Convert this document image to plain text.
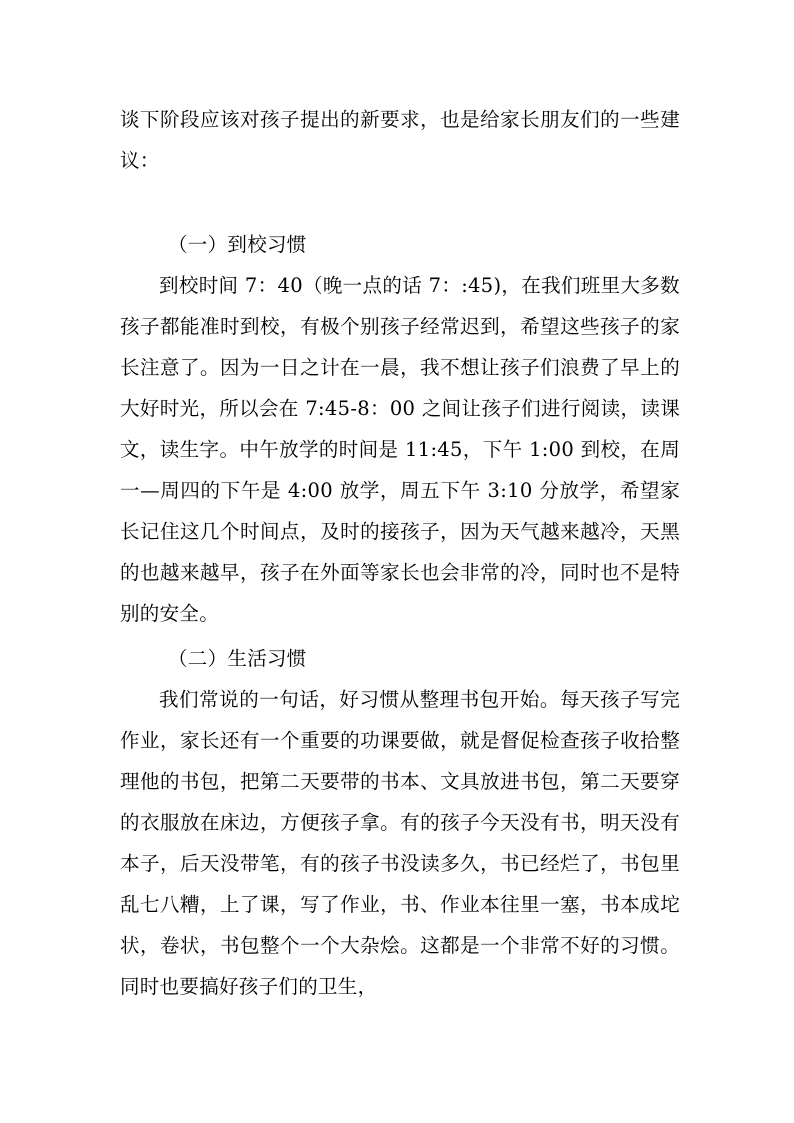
谈下阶段应该对孩子提出的新要求，也是给家长朋友们的一些建议：

（一）到校习惯

到校时间 7：40（晚一点的话 7：:45)，在我们班里大多数孩子都能准时到校，有极个别孩子经常迟到，希望这些孩子的家长注意了。因为一日之计在一晨，我不想让孩子们浪费了早上的大好时光，所以会在 7:45-8：00 之间让孩子们进行阅读，读课文，读生字。中午放学的时间是 11:45，下午 1:00 到校，在周一—周四的下午是 4:00 放学，周五下午 3:10 分放学，希望家长记住这几个时间点，及时的接孩子，因为天气越来越冷，天黑的也越来越早，孩子在外面等家长也会非常的冷，同时也不是特别的安全。

（二）生活习惯

我们常说的一句话，好习惯从整理书包开始。每天孩子写完作业，家长还有一个重要的功课要做，就是督促检查孩子收拾整理他的书包，把第二天要带的书本、文具放进书包，第二天要穿的衣服放在床边，方便孩子拿。有的孩子今天没有书，明天没有本子，后天没带笔，有的孩子书没读多久，书已经烂了，书包里乱七八糟，上了课，写了作业，书、作业本往里一塞，书本成坨状，卷状，书包整个一个大杂烩。这都是一个非常不好的习惯。同时也要搞好孩子们的卫生，
